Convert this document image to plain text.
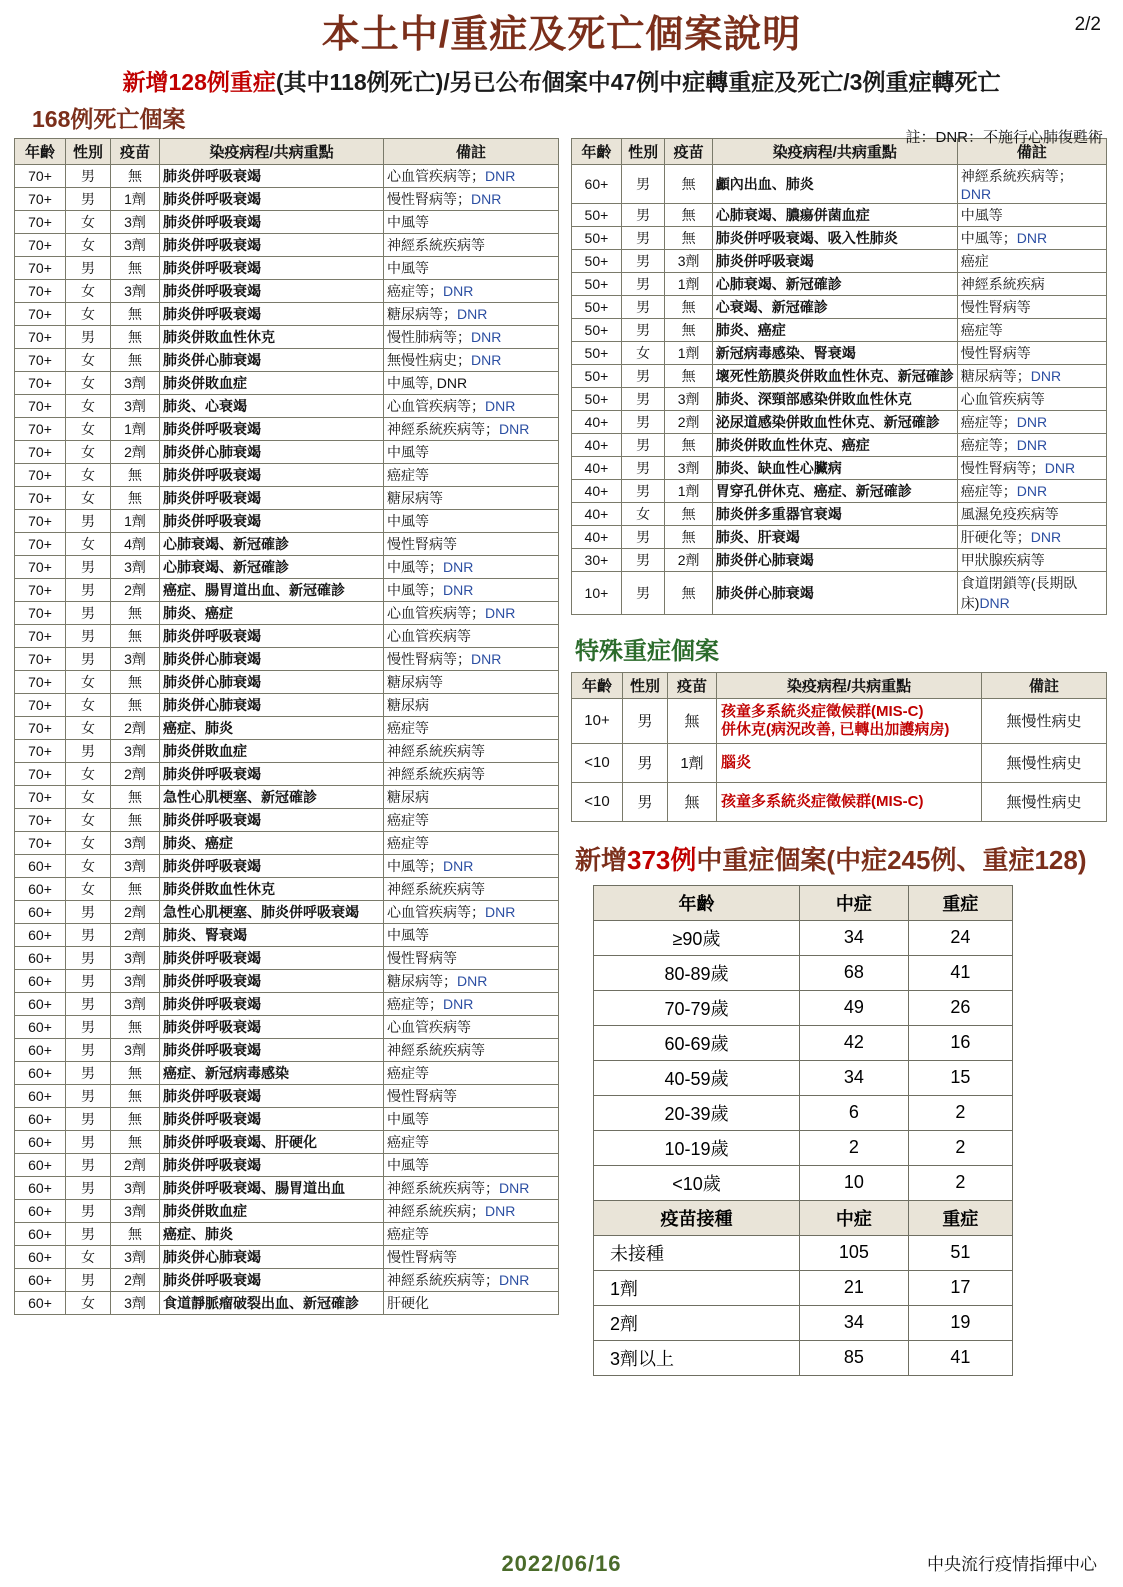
2/2
本土中/重症及死亡個案說明
新增128例重症 (其中118例死亡)/另已公布個案中47例中症轉重症及死亡/3例重症轉死亡
168例死亡個案
註：DNR：不施行心肺復甦術
年齡	性別	疫苗	染疫病程/共病重點	備註
70+	男	無	肺炎併呼吸衰竭	心血管疾病等；DNR
70+	男	1劑	肺炎併呼吸衰竭	慢性腎病等；DNR
70+	女	3劑	肺炎併呼吸衰竭	中風等
70+	女	3劑	肺炎併呼吸衰竭	神經系統疾病等
70+	男	無	肺炎併呼吸衰竭	中風等
70+	女	3劑	肺炎併呼吸衰竭	癌症等；DNR
70+	女	無	肺炎併呼吸衰竭	糖尿病等；DNR
70+	男	無	肺炎併敗血性休克	慢性肺病等；DNR
70+	女	無	肺炎併心肺衰竭	無慢性病史；DNR
70+	女	3劑	肺炎併敗血症	中風等, DNR
70+	女	3劑	肺炎、心衰竭	心血管疾病等；DNR
70+	女	1劑	肺炎併呼吸衰竭	神經系統疾病等；DNR
70+	女	2劑	肺炎併心肺衰竭	中風等
70+	女	無	肺炎併呼吸衰竭	癌症等
70+	女	無	肺炎併呼吸衰竭	糖尿病等
70+	男	1劑	肺炎併呼吸衰竭	中風等
70+	女	4劑	心肺衰竭、新冠確診	慢性腎病等
70+	男	3劑	心肺衰竭、新冠確診	中風等；DNR
70+	男	2劑	癌症、腸胃道出血、新冠確診	中風等；DNR
70+	男	無	肺炎、癌症	心血管疾病等；DNR
70+	男	無	肺炎併呼吸衰竭	心血管疾病等
70+	男	3劑	肺炎併心肺衰竭	慢性腎病等；DNR
70+	女	無	肺炎併心肺衰竭	糖尿病等
70+	女	無	肺炎併心肺衰竭	糖尿病
70+	女	2劑	癌症、肺炎	癌症等
70+	男	3劑	肺炎併敗血症	神經系統疾病等
70+	女	2劑	肺炎併呼吸衰竭	神經系統疾病等
70+	女	無	急性心肌梗塞、新冠確診	糖尿病
70+	女	無	肺炎併呼吸衰竭	癌症等
70+	女	3劑	肺炎、癌症	癌症等
60+	女	3劑	肺炎併呼吸衰竭	中風等；DNR
60+	女	無	肺炎併敗血性休克	神經系統疾病等
60+	男	2劑	急性心肌梗塞、肺炎併呼吸衰竭	心血管疾病等；DNR
60+	男	2劑	肺炎、腎衰竭	中風等
60+	男	3劑	肺炎併呼吸衰竭	慢性腎病等
60+	男	3劑	肺炎併呼吸衰竭	糖尿病等；DNR
60+	男	3劑	肺炎併呼吸衰竭	癌症等；DNR
60+	男	無	肺炎併呼吸衰竭	心血管疾病等
60+	男	3劑	肺炎併呼吸衰竭	神經系統疾病等
60+	男	無	癌症、新冠病毒感染	癌症等
60+	男	無	肺炎併呼吸衰竭	慢性腎病等
60+	男	無	肺炎併呼吸衰竭	中風等
60+	男	無	肺炎併呼吸衰竭、肝硬化	癌症等
60+	男	2劑	肺炎併呼吸衰竭	中風等
60+	男	3劑	肺炎併呼吸衰竭、腸胃道出血	神經系統疾病等；DNR
60+	男	3劑	肺炎併敗血症	神經系統疾病；DNR
60+	男	無	癌症、肺炎	癌症等
60+	女	3劑	肺炎併心肺衰竭	慢性腎病等
60+	男	2劑	肺炎併呼吸衰竭	神經系統疾病等；DNR
60+	女	3劑	食道靜脈瘤破裂出血、新冠確診	肝硬化
年齡	性別	疫苗	染疫病程/共病重點	備註
60+	男	無	顱內出血、肺炎	神經系統疾病等；DNR
50+	男	無	心肺衰竭、膿瘍併菌血症	中風等
50+	男	無	肺炎併呼吸衰竭、吸入性肺炎	中風等；DNR
50+	男	3劑	肺炎併呼吸衰竭	癌症
50+	男	1劑	心肺衰竭、新冠確診	神經系統疾病
50+	男	無	心衰竭、新冠確診	慢性腎病等
50+	男	無	肺炎、癌症	癌症等
50+	女	1劑	新冠病毒感染、腎衰竭	慢性腎病等
50+	男	無	壞死性筋膜炎併敗血性休克、新冠確診	糖尿病等；DNR
50+	男	3劑	肺炎、深頸部感染併敗血性休克	心血管疾病等
40+	男	2劑	泌尿道感染併敗血性休克、新冠確診	癌症等；DNR
40+	男	無	肺炎併敗血性休克、癌症	癌症等；DNR
40+	男	3劑	肺炎、缺血性心臟病	慢性腎病等；DNR
40+	男	1劑	胃穿孔併休克、癌症、新冠確診	癌症等；DNR
40+	女	無	肺炎併多重器官衰竭	風濕免疫疾病等
40+	男	無	肺炎、肝衰竭	肝硬化等；DNR
30+	男	2劑	肺炎併心肺衰竭	甲狀腺疾病等
10+	男	無	肺炎併心肺衰竭	食道閉鎖等(長期臥床)DNR
特殊重症個案
年齡	性別	疫苗	染疫病程/共病重點	備註
10+	男	無	孩童多系統炎症徵候群(MIS-C)
併休克(病況改善, 已轉出加護病房)	無慢性病史
<10	男	1劑	腦炎	無慢性病史
<10	男	無	孩童多系統炎症徵候群(MIS-C)	無慢性病史
新增373例中重症個案(中症245例、重症128)
年齡	中症	重症
≥90歲	34	24
80-89歲	68	41
70-79歲	49	26
60-69歲	42	16
40-59歲	34	15
20-39歲	6	2
10-19歲	2	2
<10歲	10	2
疫苗接種	中症	重症
未接種	105	51
1劑	21	17
2劑	34	19
3劑以上	85	41
2022/06/16	中央流行疫情指揮中心
